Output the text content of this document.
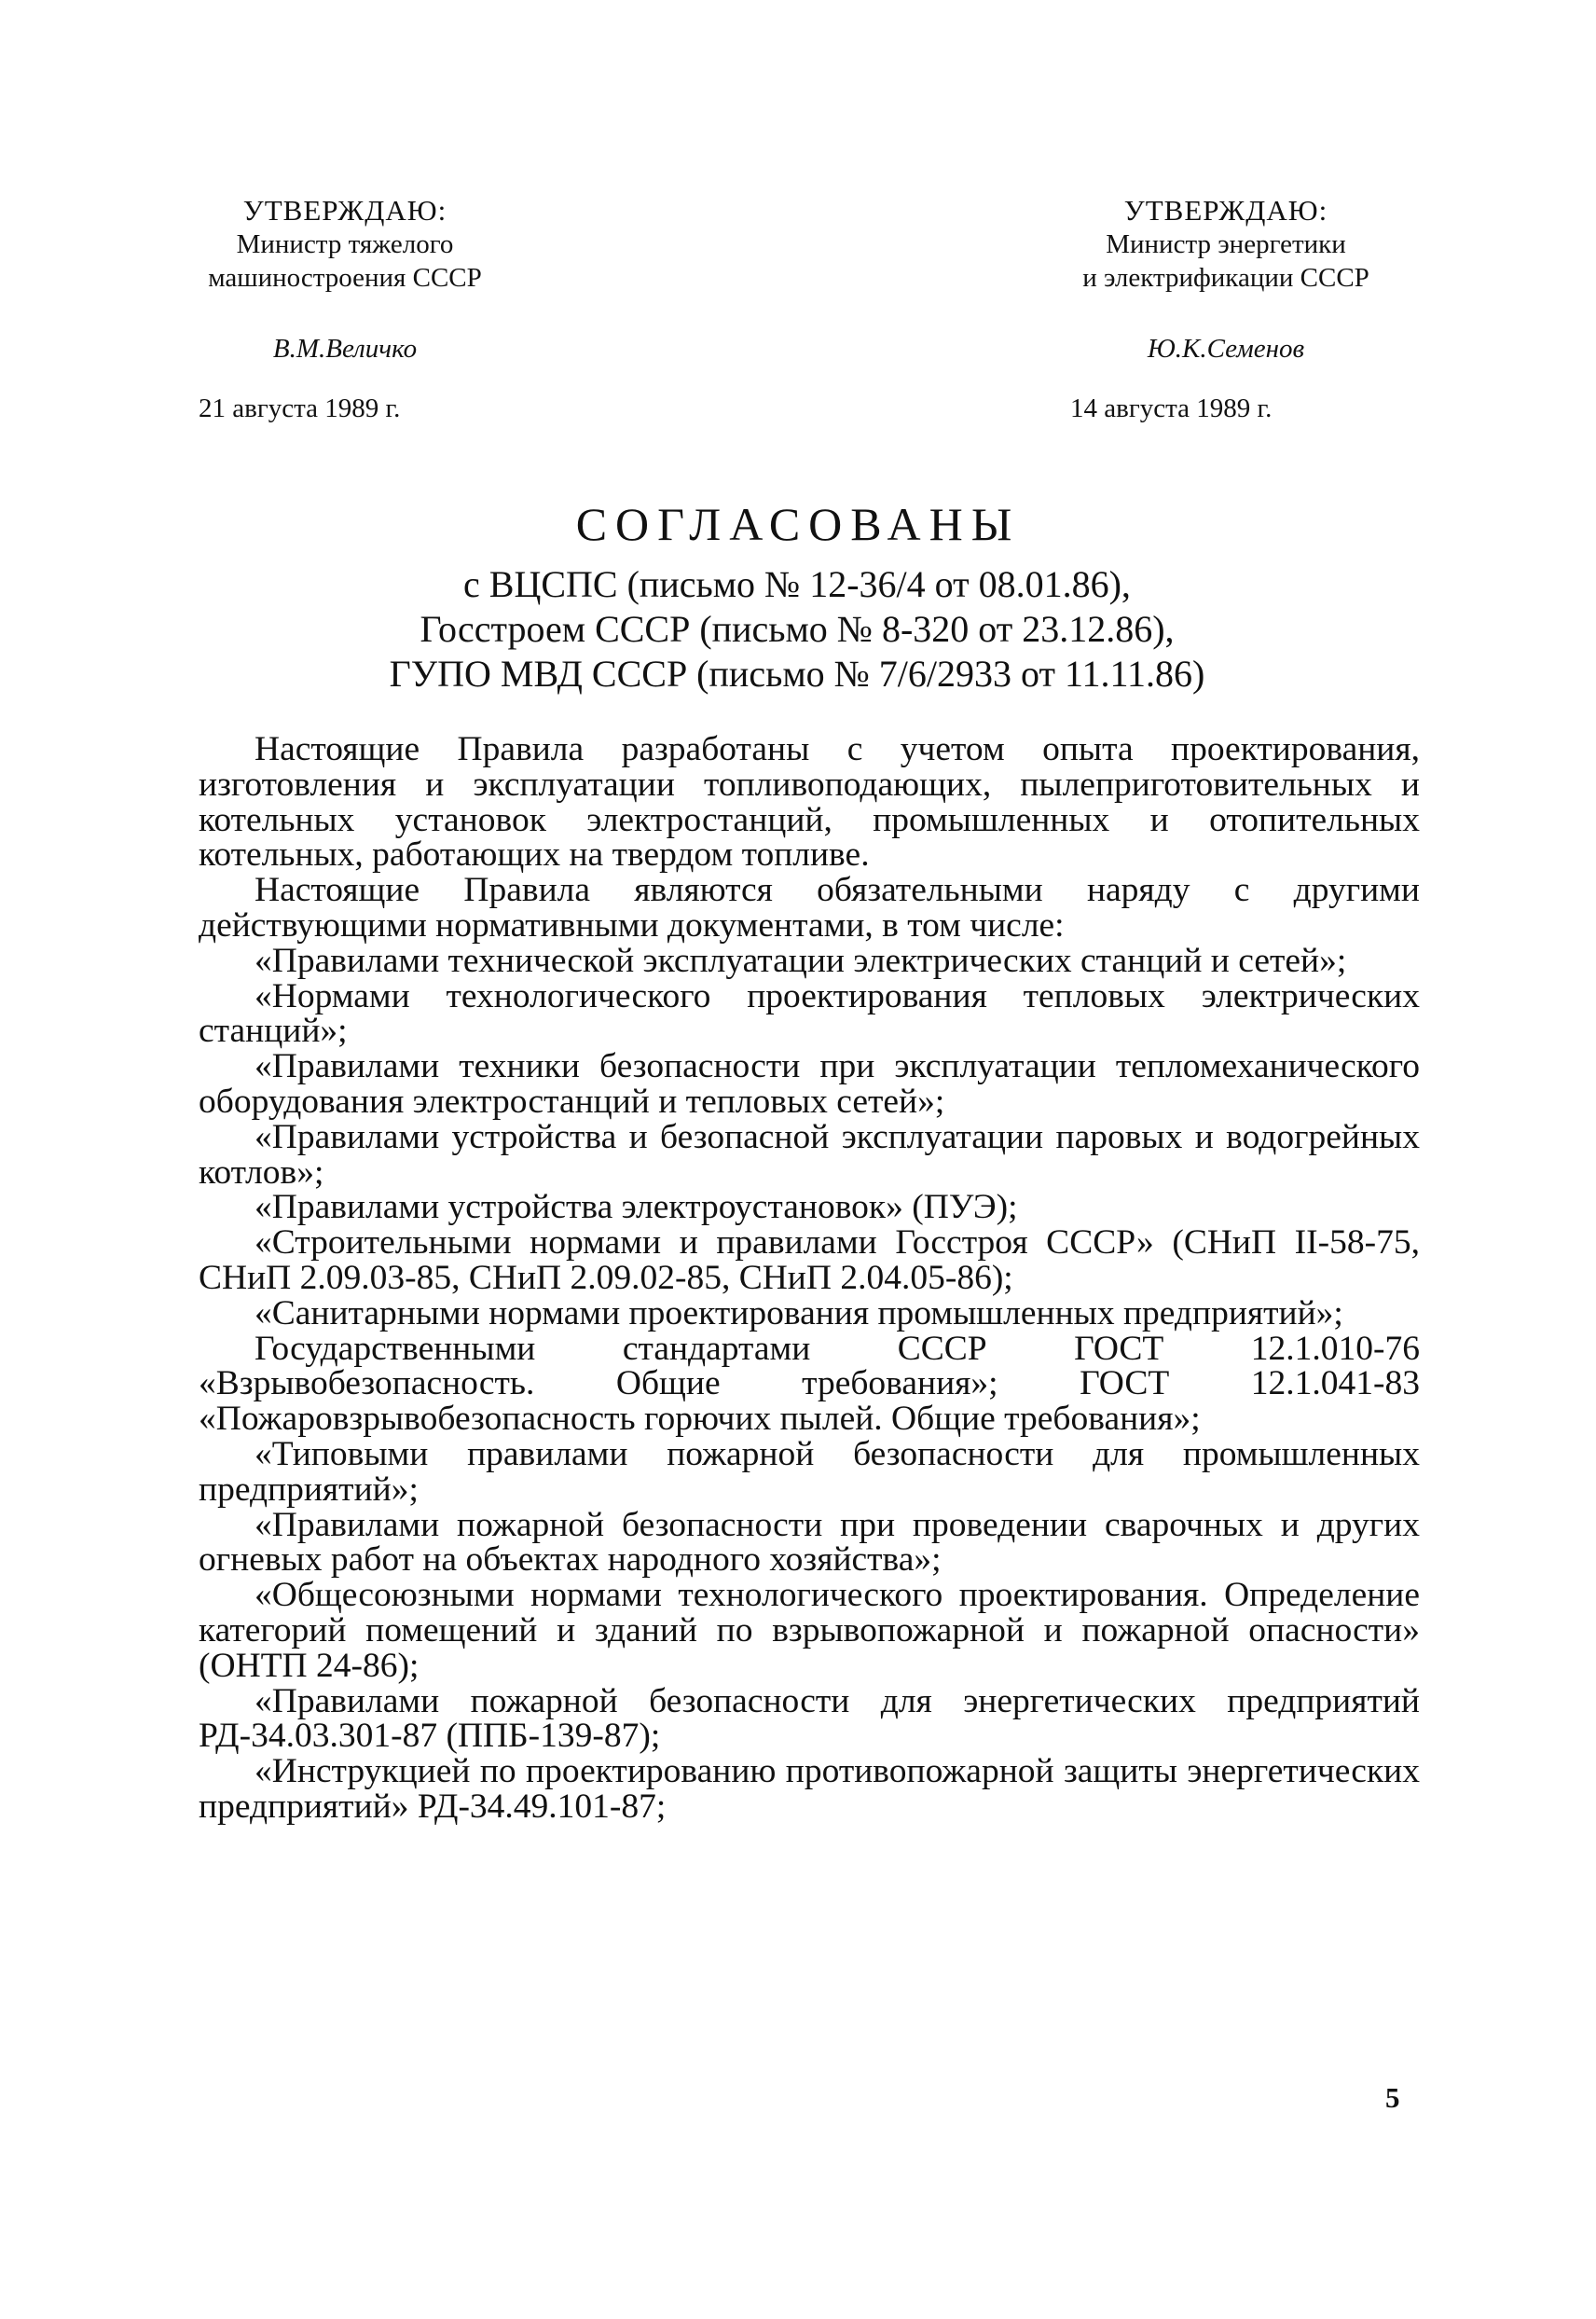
УТВЕРЖДАЮ:
Министр тяжелого
машиностроения СССР
В.М.Величко
21 августа 1989 г.
УТВЕРЖДАЮ:
Министр энергетики
и электрификации СССР
Ю.К.Семенов
14 августа 1989 г.
СОГЛАСОВАНЫ
с ВЦСПС (письмо № 12-36/4 от 08.01.86),
Госстроем СССР (письмо № 8-320 от 23.12.86),
ГУПО МВД СССР (письмо № 7/6/2933 от 11.11.86)

Настоящие Правила разработаны с учетом опыта проектирования, изготовления и эксплуатации топливоподающих, пылеприготовительных и котельных установок электростанций, промышленных и отопительных котельных, работающих на твердом топливе.

Настоящие Правила являются обязательными наряду с другими действующими нормативными документами, в том числе:

«Правилами технической эксплуатации электрических станций и сетей»;

«Нормами технологического проектирования тепловых электрических станций»;

«Правилами техники безопасности при эксплуатации тепломеханического оборудования электростанций и тепловых сетей»;

«Правилами устройства и безопасной эксплуатации паровых и водогрейных котлов»;

«Правилами устройства электроустановок» (ПУЭ);

«Строительными нормами и правилами Госстроя СССР» (СНиП II-58-75, СНиП 2.09.03-85, СНиП 2.09.02-85, СНиП 2.04.05-86);

«Санитарными нормами проектирования промышленных предприятий»;

Государственными стандартами СССР ГОСТ 12.1.010-76 «Взрывобезопасность. Общие требования»; ГОСТ 12.1.041-83 «Пожаровзрывобезопасность горючих пылей. Общие требования»;

«Типовыми правилами пожарной безопасности для промышленных предприятий»;

«Правилами пожарной безопасности при проведении сварочных и других огневых работ на объектах народного хозяйства»;

«Общесоюзными нормами технологического проектирования. Определение категорий помещений и зданий по взрывопожарной и пожарной опасности» (ОНТП 24-86);

«Правилами пожарной безопасности для энергетических предприятий РД-34.03.301-87 (ППБ-139-87);

«Инструкцией по проектированию противопожарной защиты энергетических предприятий» РД-34.49.101-87;

5
